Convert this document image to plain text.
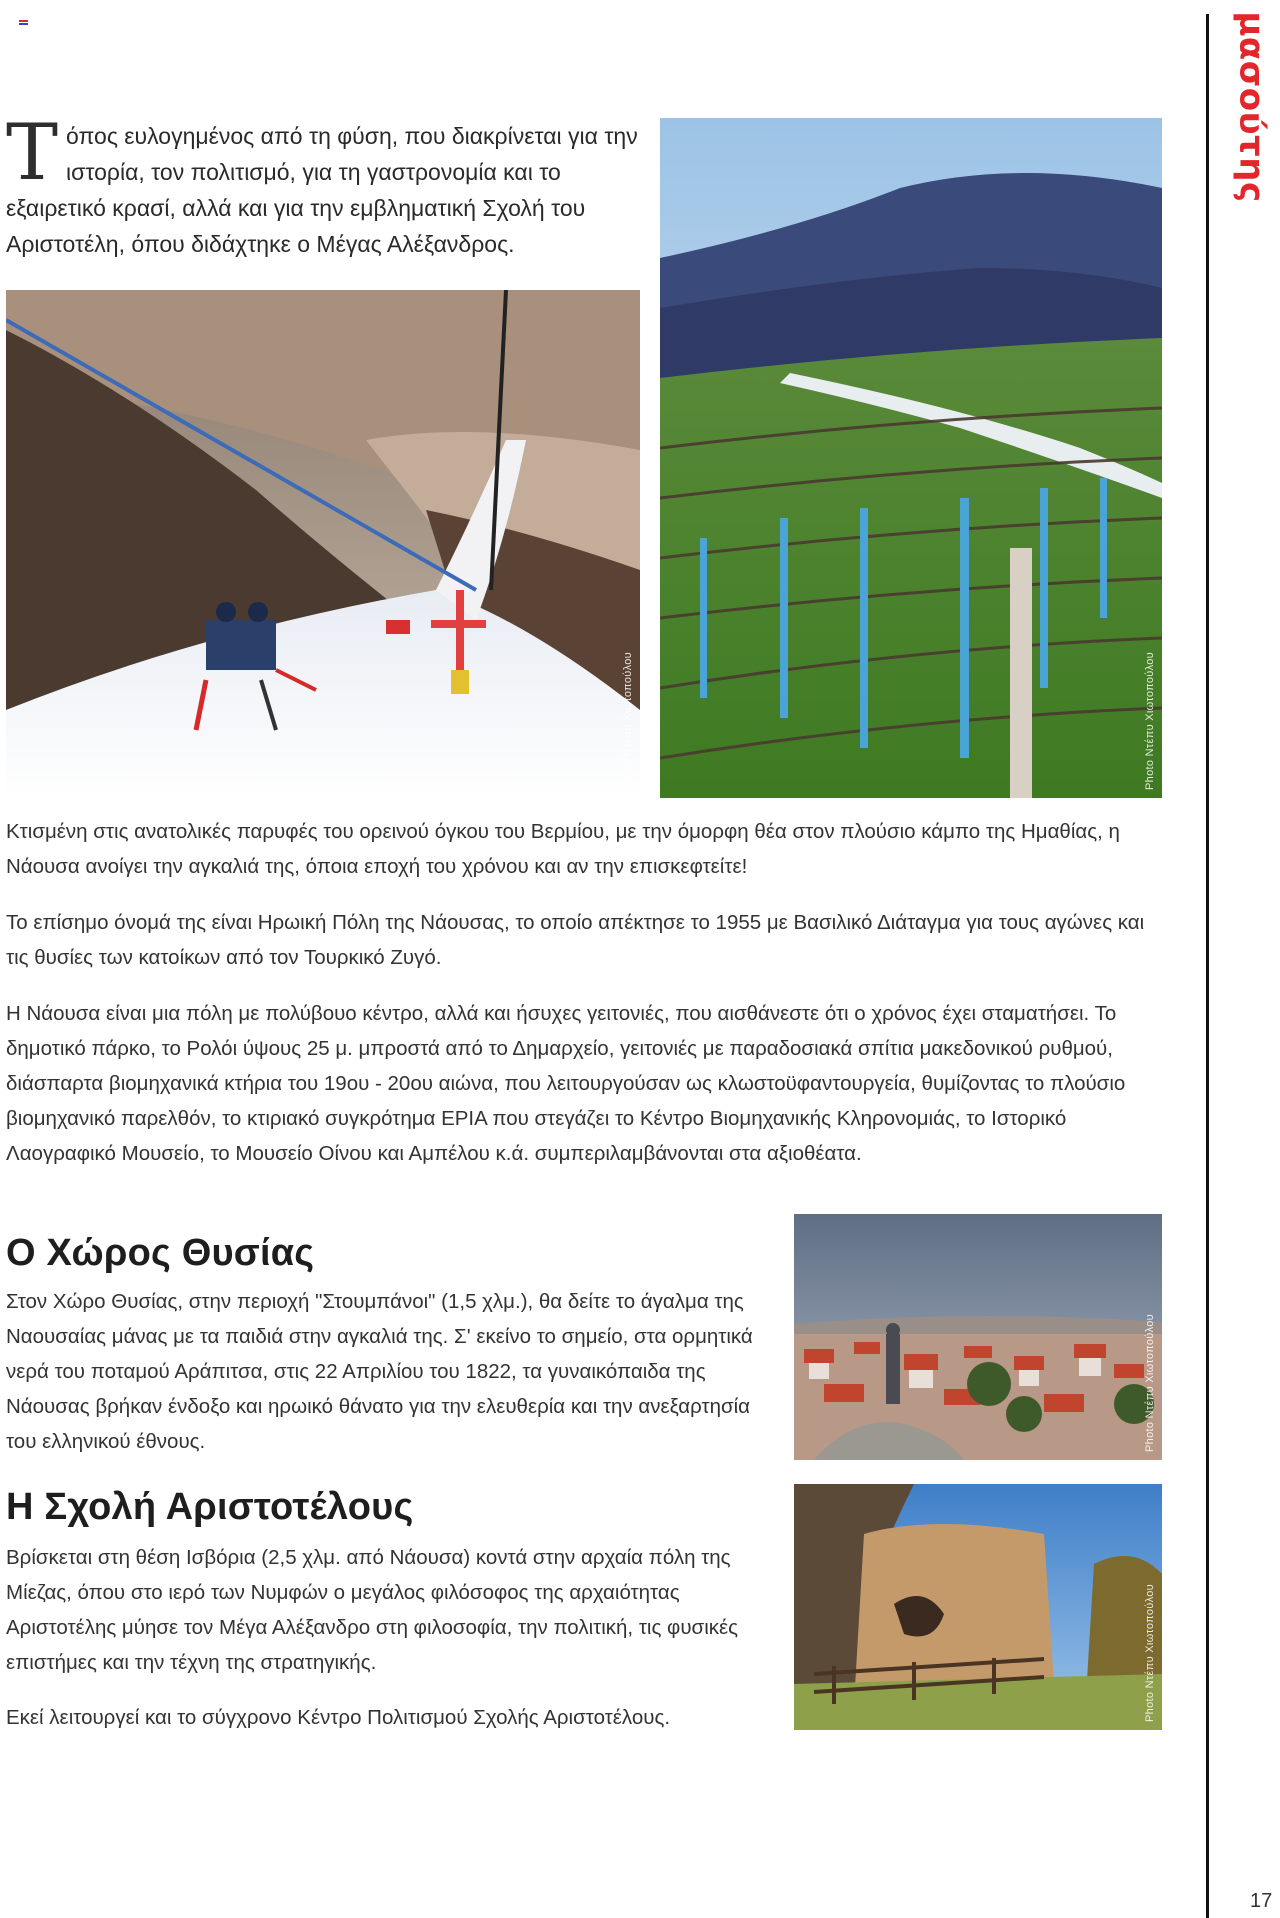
μασούτης
17
Τ όπος ευλογημένος από τη φύση, που διακρίνεται για την ιστορία, τον πολιτισμό, για τη γαστρονομία και το εξαιρετικό κρασί, αλλά και για την εμβληματική Σχολή του Αριστοτέλη, όπου διδάχτηκε ο Μέγας Αλέξανδρος.
Photo Ντέπυ Χιωτοπούλου	Photo Ντέπυ Χιωτοπούλου
Κτισμένη στις ανατολικές παρυφές του ορεινού όγκου του Βερμίου, με την όμορφη θέα στον πλούσιο κάμπο της Ημαθίας, η Νάουσα ανοίγει την αγκαλιά της, όποια εποχή του χρόνου και αν την επισκεφτείτε!
Το επίσημο όνομά της είναι Ηρωική Πόλη της Νάουσας, το οποίο απέκτησε το 1955 με Βασιλικό Διάταγμα για τους αγώνες και τις θυσίες των κατοίκων από τον Τουρκικό Ζυγό.
Η Νάουσα είναι μια πόλη με πολύβουο κέντρο, αλλά και ήσυχες γειτονιές, που αισθάνεστε ότι ο χρόνος έχει σταματήσει. Το δημοτικό πάρκο, το Ρολόι ύψους 25 μ. μπροστά από το Δημαρχείο, γειτονιές με παραδοσιακά σπίτια μακεδονικού ρυθμού, διάσπαρτα βιομηχανικά κτήρια του 19ου - 20ου αιώνα, που λειτουργούσαν ως κλωστοϋφαντουργεία, θυμίζοντας το πλούσιο βιομηχανικό παρελθόν, το κτιριακό συγκρότημα ΕΡΙΑ που στεγάζει το Κέντρο Βιομηχανικής Κληρονομιάς, το Ιστορικό Λαογραφικό Μουσείο, το Μουσείο Οίνου και Αμπέλου κ.ά. συμπεριλαμβάνονται στα αξιοθέατα.
Ο Χώρος Θυσίας
Στον Χώρο Θυσίας, στην περιοχή "Στουμπάνοι" (1,5 χλμ.), θα δείτε το άγαλμα της Ναουσαίας μάνας με τα παιδιά στην αγκαλιά της. Σ' εκείνο το σημείο, στα ορμητικά νερά του ποταμού Αράπιτσα, στις 22 Απριλίου του 1822, τα γυναικόπαιδα της Νάουσας βρήκαν ένδοξο και ηρωικό θάνατο για την ελευθερία και την ανεξαρτησία του ελληνικού έθνους.	Photo Ντέπυ Χιωτοπούλου
Η Σχολή Αριστοτέλους
Βρίσκεται στη θέση Ισβόρια (2,5 χλμ. από Νάουσα) κοντά στην αρχαία πόλη της Μίεζας, όπου στο ιερό των Νυμφών ο μεγάλος φιλόσοφος της αρχαιότητας Αριστοτέλης μύησε τον Μέγα Αλέξανδρο στη φιλοσοφία, την πολιτική, τις φυσικές επιστήμες και την τέχνη της στρατηγικής.
Εκεί λειτουργεί και το σύγχρονο Κέντρο Πολιτισμού Σχολής Αριστοτέλους.	Photo Ντέπυ Χιωτοπούλου
